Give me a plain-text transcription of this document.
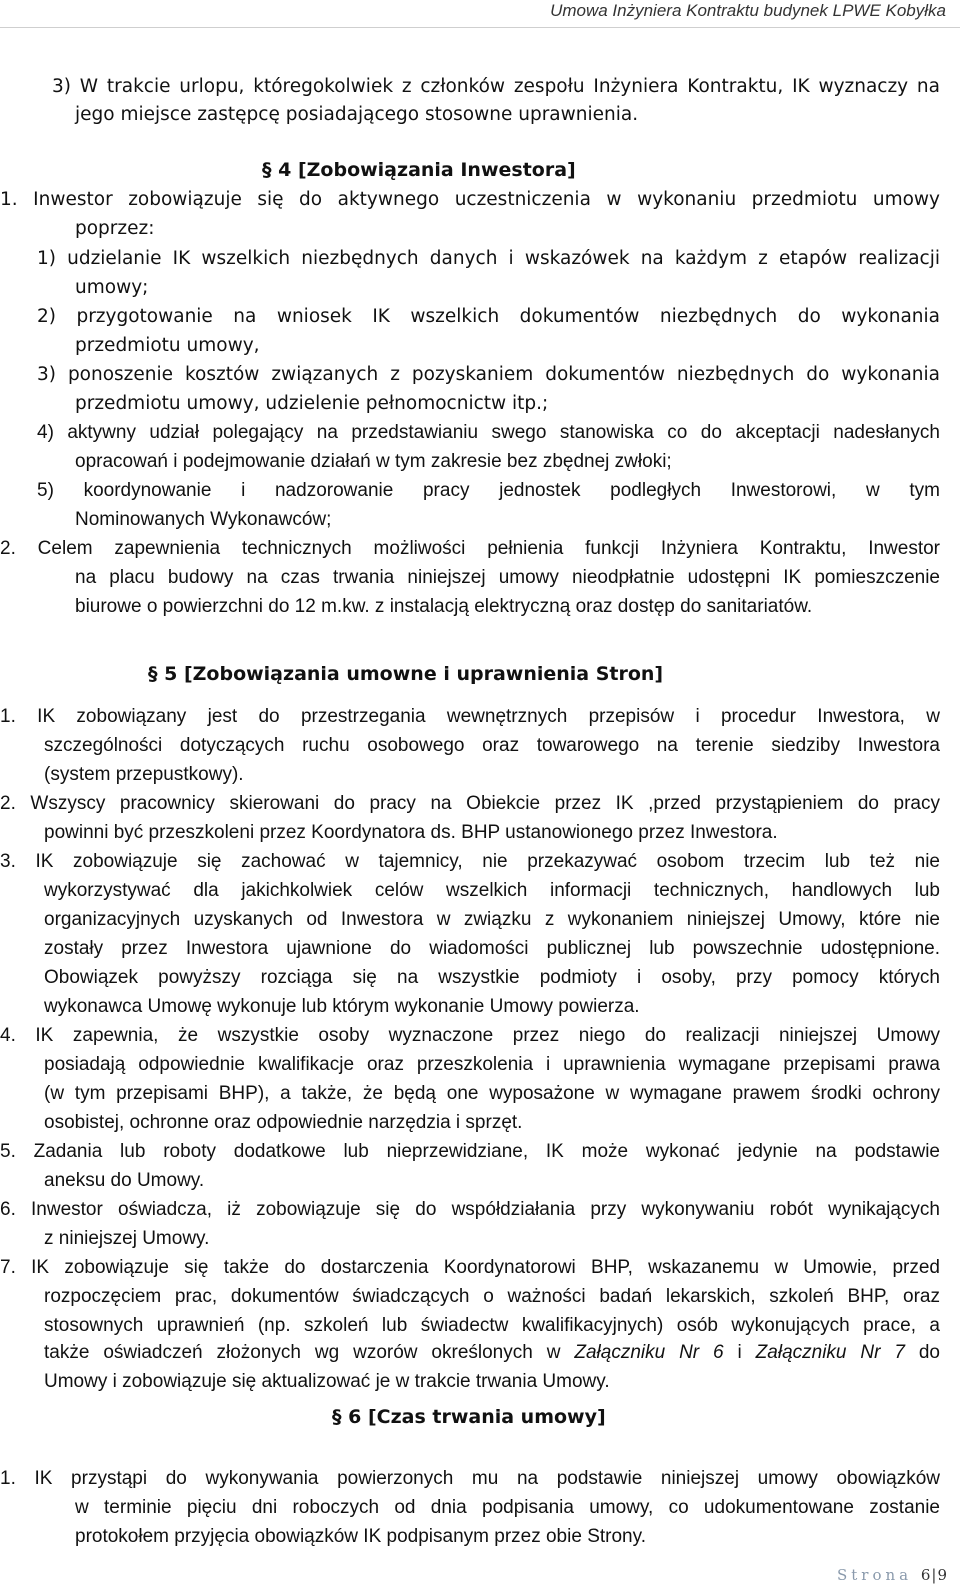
Umowa Inżyniera Kontraktu budynek LPWE Kobyłka
3) W trakcie urlopu, któregokolwiek z członków zespołu Inżyniera Kontraktu, IK wyznaczy na
jego miejsce zastępcę posiadającego stosowne uprawnienia.
1. Inwestor zobowiązuje się do aktywnego uczestniczenia w wykonaniu przedmiotu umowy
poprzez:
1) udzielanie IK wszelkich niezbędnych danych i wskazówek na każdym z etapów realizacji
umowy;
2) przygotowanie na wniosek IK wszelkich dokumentów niezbędnych do wykonania
przedmiotu umowy,
3) ponoszenie kosztów związanych z pozyskaniem dokumentów niezbędnych do wykonania
przedmiotu umowy, udzielenie pełnomocnictw itp.;
4) aktywny udział polegający na przedstawianiu swego stanowiska co do akceptacji nadesłanych
opracowań i podejmowanie działań w tym zakresie bez zbędnej zwłoki;
5) koordynowanie i nadzorowanie pracy jednostek podległych Inwestorowi, w tym
Nominowanych Wykonawców;
2. Celem zapewnienia technicznych możliwości pełnienia funkcji Inżyniera Kontraktu, Inwestor
na placu budowy na czas trwania niniejszej umowy nieodpłatnie udostępni IK pomieszczenie
biurowe o powierzchni do 12 m.kw. z instalacją elektryczną oraz dostęp do sanitariatów.
1. IK zobowiązany jest do przestrzegania wewnętrznych przepisów i procedur Inwestora, w
szczególności dotyczących ruchu osobowego oraz towarowego na terenie siedziby Inwestora
(system przepustkowy).
2. Wszyscy pracownicy skierowani do pracy na Obiekcie przez IK ,przed przystąpieniem do pracy
powinni być przeszkoleni przez Koordynatora ds. BHP ustanowionego przez Inwestora.
3. IK zobowiązuje się zachować w tajemnicy, nie przekazywać osobom trzecim lub też nie
wykorzystywać dla jakichkolwiek celów wszelkich informacji technicznych, handlowych lub
organizacyjnych uzyskanych od Inwestora w związku z wykonaniem niniejszej Umowy, które nie
zostały przez Inwestora ujawnione do wiadomości publicznej lub powszechnie udostępnione.
Obowiązek powyższy rozciąga się na wszystkie podmioty i osoby, przy pomocy których
wykonawca Umowę wykonuje lub którym wykonanie Umowy powierza.
4. IK zapewnia, że wszystkie osoby wyznaczone przez niego do realizacji niniejszej Umowy
posiadają odpowiednie kwalifikacje oraz przeszkolenia i uprawnienia wymagane przepisami prawa
(w tym przepisami BHP), a także, że będą one wyposażone w wymagane prawem środki ochrony
osobistej, ochronne oraz odpowiednie narzędzia i sprzęt.
5. Zadania lub roboty dodatkowe lub nieprzewidziane, IK może wykonać jedynie na podstawie
aneksu do Umowy.
6. Inwestor oświadcza, iż zobowiązuje się do współdziałania przy wykonywaniu robót wynikających
z niniejszej Umowy.
7. IK zobowiązuje się także do dostarczenia Koordynatorowi BHP, wskazanemu w Umowie, przed
rozpoczęciem prac, dokumentów świadczących o ważności badań lekarskich, szkoleń BHP, oraz
stosownych uprawnień (np. szkoleń lub świadectw kwalifikacyjnych) osób wykonujących prace, a
1. IK przystąpi do wykonywania powierzonych mu na podstawie niniejszej umowy obowiązków
w terminie pięciu dni roboczych od dnia podpisania umowy, co udokumentowane zostanie
protokołem przyjęcia obowiązków IK podpisanym przez obie Strony.
także oświadczeń złożonych wg wzorów określonych w Załączniku Nr 6 i Załączniku Nr 7 do
Umowy i zobowiązuje się aktualizować je w trakcie trwania Umowy.
§ 4 [Zobowiązania Inwestora]
§ 5 [Zobowiązania umowne i uprawnienia Stron]
§ 6 [Czas trwania umowy]
Strona 6|9
